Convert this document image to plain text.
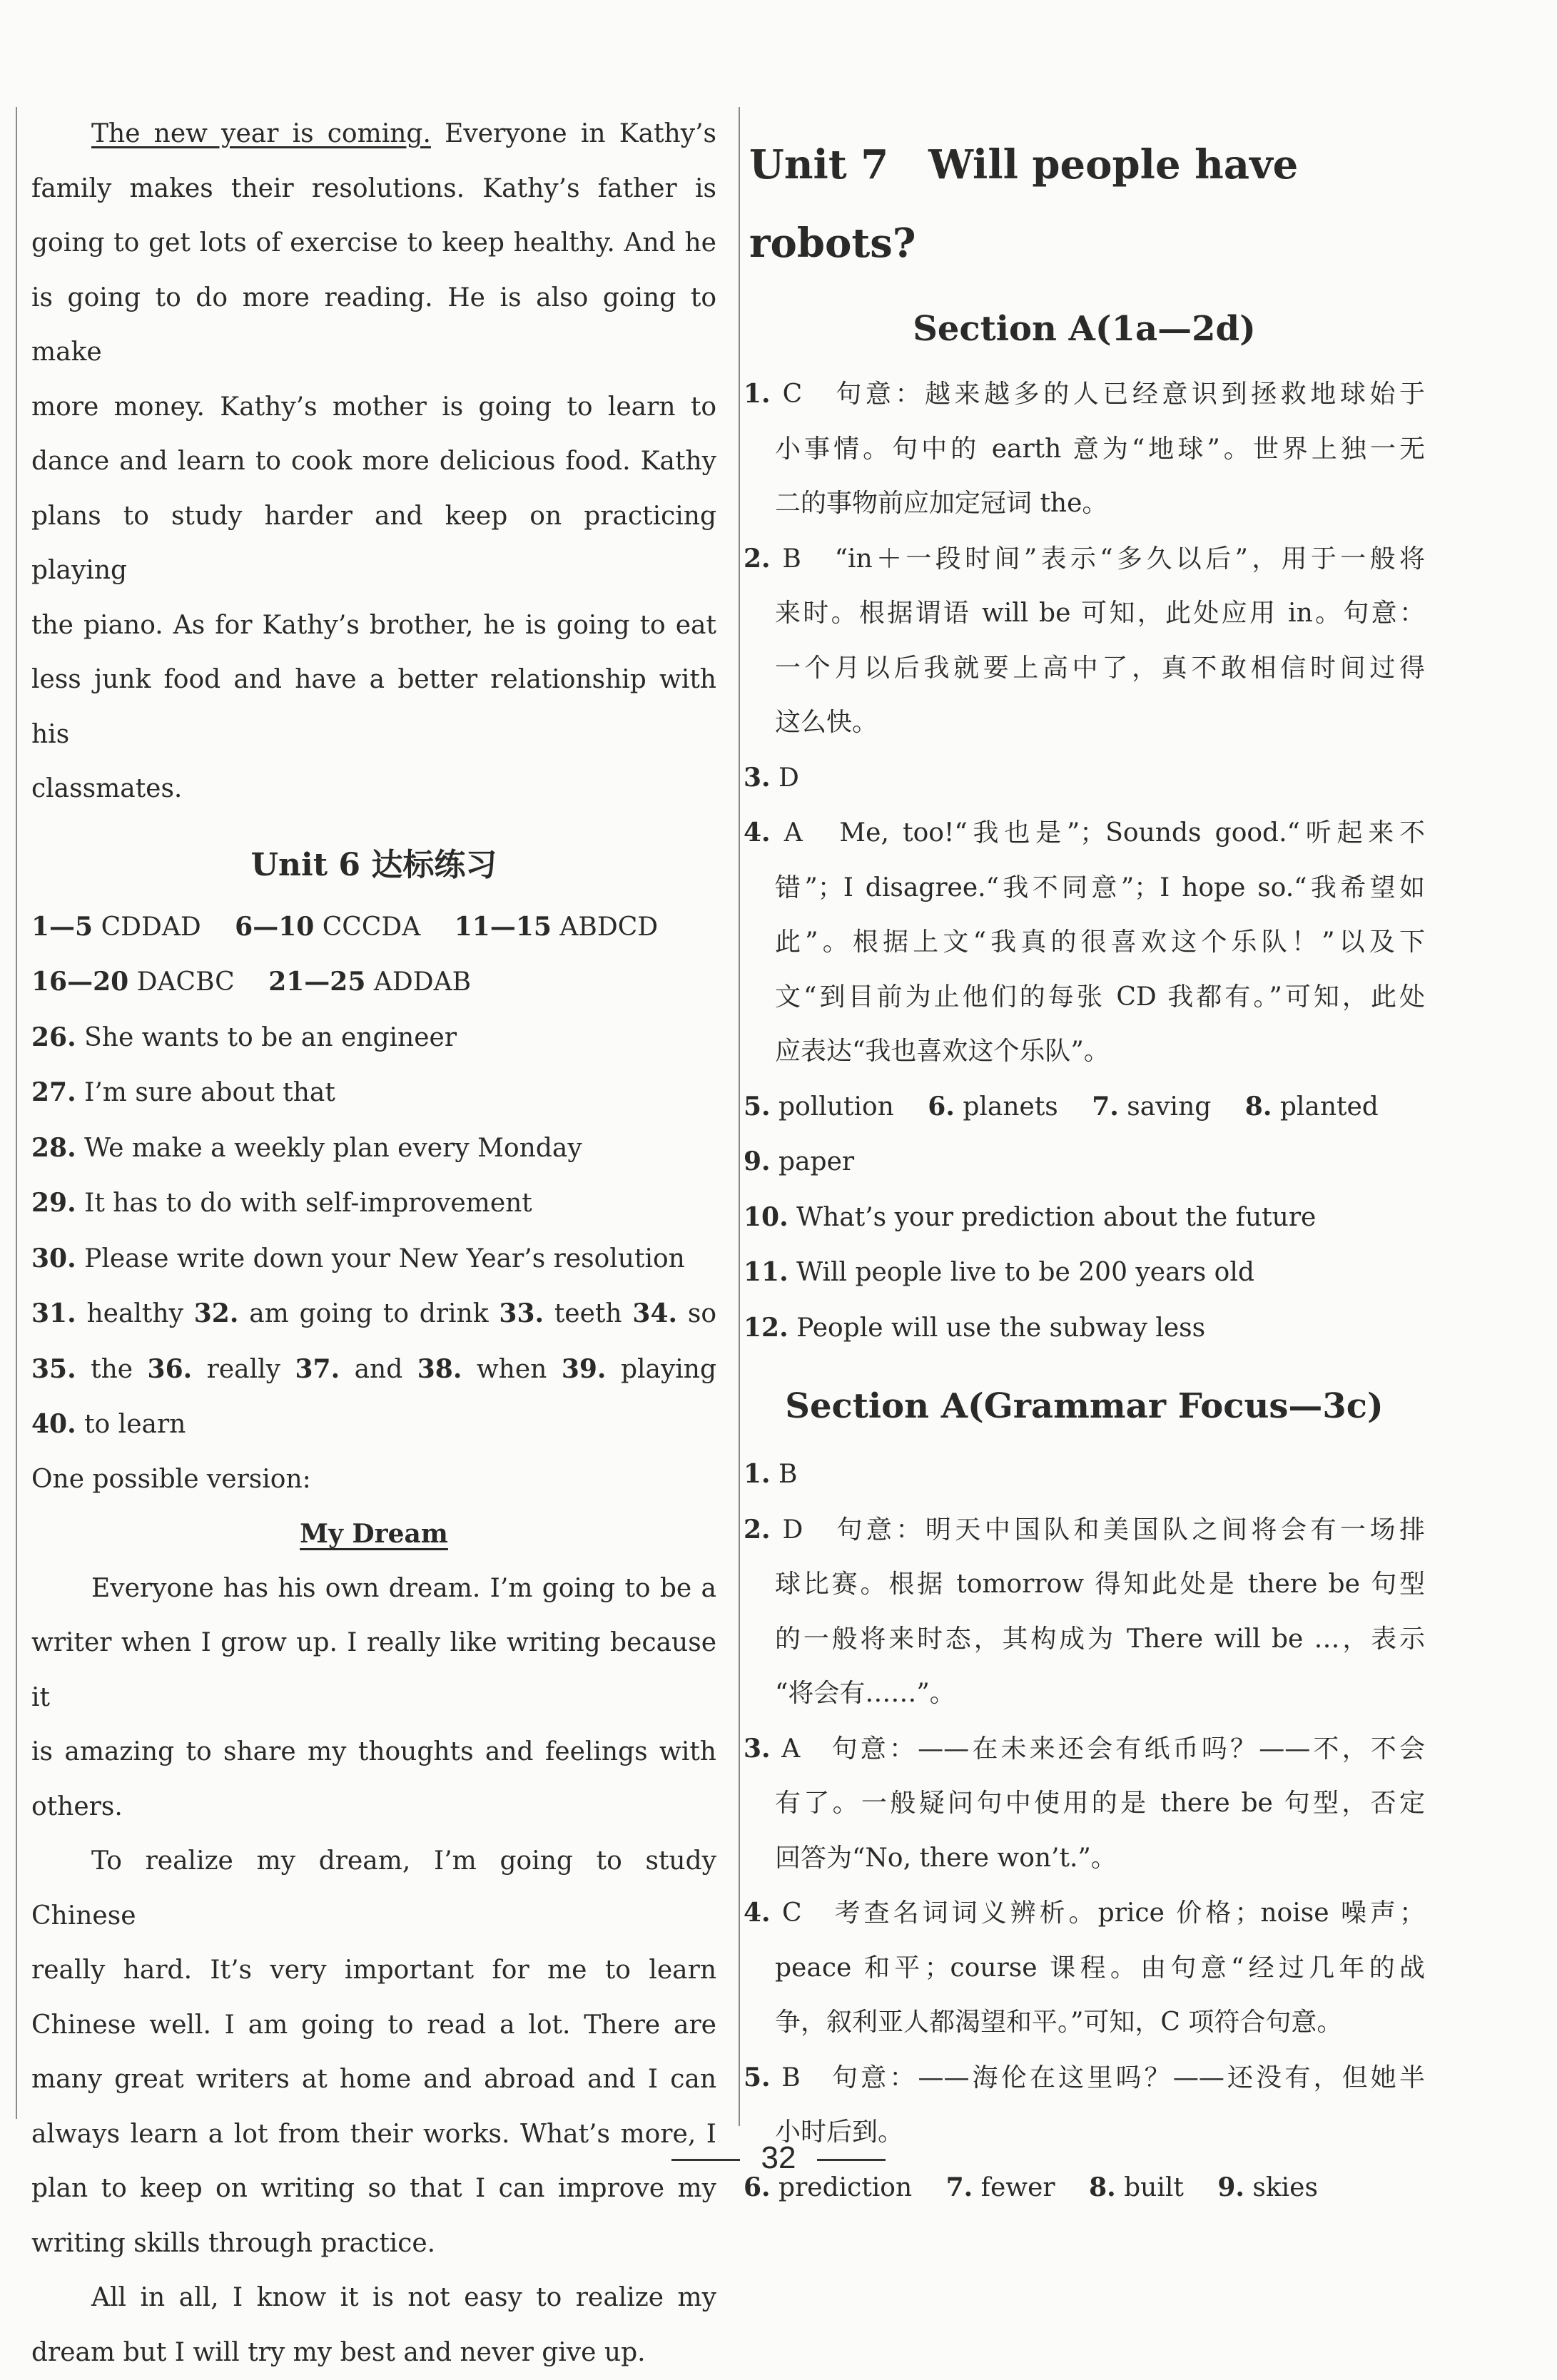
The new year is coming. Everyone in Kathy’s

family makes their resolutions. Kathy’s father is

going to get lots of exercise to keep healthy. And he

is going to do more reading. He is also going to make

more money. Kathy’s mother is going to learn to

dance and learn to cook more delicious food. Kathy

plans to study harder and keep on practicing playing

the piano. As for Kathy’s brother, he is going to eat

less junk food and have a better relationship with his

classmates.

Unit 6 达标练习

1—5 CDDAD 6—10 CCCDA 11—15 ABDCD

16—20 DACBC 21—25 ADDAB

26. She wants to be an engineer

27. I’m sure about that

28. We make a weekly plan every Monday

29. It has to do with self-improvement

30. Please write down your New Year’s resolution

31. healthy 32. am going to drink 33. teeth 34. so

35. the 36. really 37. and 38. when 39. playing

40. to learn

One possible version:

My Dream

Everyone has his own dream. I’m going to be a

writer when I grow up. I really like writing because it

is amazing to share my thoughts and feelings with

others.

To realize my dream, I’m going to study Chinese

really hard. It’s very important for me to learn

Chinese well. I am going to read a lot. There are

many great writers at home and abroad and I can

always learn a lot from their works. What’s more, I

plan to keep on writing so that I can improve my

writing skills through practice.

All in all, I know it is not easy to realize my

dream but I will try my best and never give up.

Unit 7　Will people have robots?
Section A(1a—2d)

1. C　句意：越来越多的人已经意识到拯救地球始于

小事情。句中的 earth 意为“地球”。世界上独一无

二的事物前应加定冠词 the。

2. B　“in＋一段时间”表示“多久以后”，用于一般将

来时。根据谓语 will be 可知，此处应用 in。句意：

一个月以后我就要上高中了，真不敢相信时间过得

这么快。

3. D

4. A　Me, too!“我也是”；Sounds good.“听起来不

错”；I disagree.“我不同意”；I hope so.“我希望如

此”。根据上文“我真的很喜欢这个乐队！”以及下

文“到目前为止他们的每张 CD 我都有。”可知，此处

应表达“我也喜欢这个乐队”。

5. pollution 6. planets 7. saving 8. planted

9. paper

10. What’s your prediction about the future

11. Will people live to be 200 years old

12. People will use the subway less

Section A(Grammar Focus—3c)

1. B

2. D　句意：明天中国队和美国队之间将会有一场排

球比赛。根据 tomorrow 得知此处是 there be 句型

的一般将来时态，其构成为 There will be …，表示

“将会有……”。

3. A　句意：——在未来还会有纸币吗？——不，不会

有了。一般疑问句中使用的是 there be 句型，否定

回答为“No, there won’t.”。

4. C　考查名词词义辨析。price 价格；noise 噪声；

peace 和平；course 课程。由句意“经过几年的战

争，叙利亚人都渴望和平。”可知，C 项符合句意。

5. B　句意：——海伦在这里吗？——还没有，但她半

小时后到。

6. prediction 7. fewer 8. built 9. skies

32
